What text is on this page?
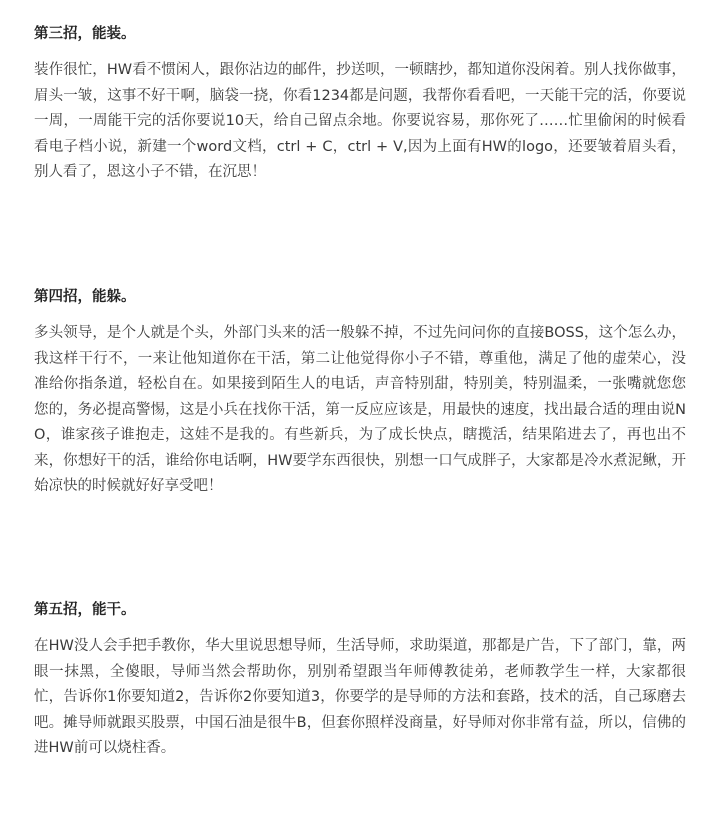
第三招，能装。

装作很忙，HW看不惯闲人，跟你沾边的邮件，抄送呗，一顿瞎抄，都知道你没闲着。别人找你做事，眉头一皱，这事不好干啊，脑袋一挠，你看1234都是问题，我帮你看看吧，一天能干完的活，你要说一周，一周能干完的活你要说10天，给自己留点余地。你要说容易，那你死了……忙里偷闲的时候看看电子档小说，新建一个word文档，ctrl + C，ctrl + V,因为上面有HW的logo，还要皱着眉头看，别人看了，恩这小子不错，在沉思！

第四招，能躲。

多头领导，是个人就是个头，外部门头来的活一般躲不掉，不过先问问你的直接BOSS，这个怎么办，我这样干行不，一来让他知道你在干活，第二让他觉得你小子不错，尊重他，满足了他的虚荣心，没准给你指条道，轻松自在。如果接到陌生人的电话，声音特别甜，特别美，特别温柔，一张嘴就您您您的，务必提高警惕，这是小兵在找你干活，第一反应应该是，用最快的速度，找出最合适的理由说NO，谁家孩子谁抱走，这娃不是我的。有些新兵，为了成长快点，瞎揽活，结果陷进去了，再也出不来，你想好干的活，谁给你电话啊，HW要学东西很快，别想一口气成胖子，大家都是冷水煮泥鳅，开始凉快的时候就好好享受吧！

第五招，能干。

在HW没人会手把手教你，华大里说思想导师，生活导师，求助渠道，那都是广告，下了部门，靠，两眼一抹黑，全傻眼，导师当然会帮助你，别别希望跟当年师傅教徒弟，老师教学生一样，大家都很忙，告诉你1你要知道2，告诉你2你要知道3，你要学的是导师的方法和套路，技术的活，自己琢磨去吧。摊导师就跟买股票，中国石油是很牛B，但套你照样没商量，好导师对你非常有益，所以，信佛的进HW前可以烧柱香。
